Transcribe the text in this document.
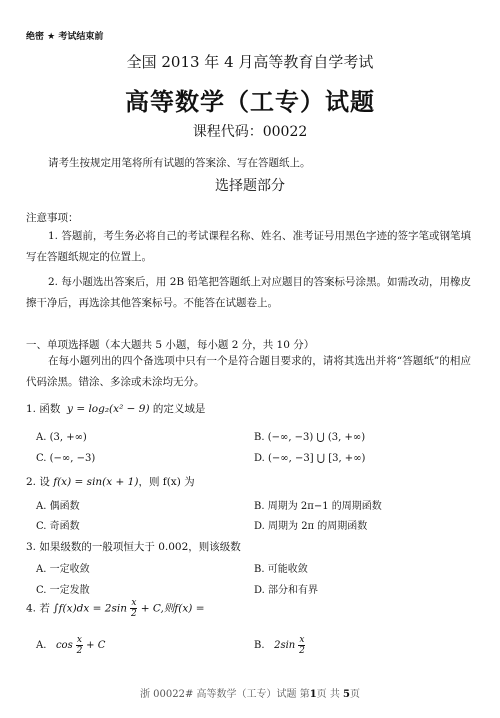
绝密 ★ 考试结束前
全国 2013 年 4 月高等教育自学考试
高等数学（工专）试题
课程代码：00022
请考生按规定用笔将所有试题的答案涂、写在答题纸上。
选择题部分
注意事项：
1. 答题前，考生务必将自己的考试课程名称、姓名、准考证号用黑色字迹的签字笔或钢笔填写在答题纸规定的位置上。
2. 每小题选出答案后，用 2B 铅笔把答题纸上对应题目的答案标号涂黑。如需改动，用橡皮擦干净后，再选涂其他答案标号。不能答在试题卷上。
一、单项选择题（本大题共 5 小题，每小题 2 分，共 10 分）
在每小题列出的四个备选项中只有一个是符合题目要求的，请将其选出并将“答题纸”的相应代码涂黑。错涂、多涂或未涂均无分。
1. 函数 y = log₂(x² − 9) 的定义域是
A. (3, +∞)	B. (−∞, −3) ⋃ (3, +∞)
C. (−∞, −3)	D. (−∞, −3] ⋃ [3, +∞)
2. 设 f(x) = sin(x + 1)，则 f(x) 为
A. 偶函数	B. 周期为 2π−1 的周期函数
C. 奇函数	D. 周期为 2π 的周期函数
3. 如果级数的一般项恒大于 0.002，则该级数
A. 一定收敛	B. 可能收敛
C. 一定发散	D. 部分和有界
4. 若 $\int f(x)dx = 2\sin \frac{x}{2} + C$,则f(x) =
A. $\cos \frac{x}{2} + C$	B. $2\sin \frac{x}{2}$
浙 00022# 高等数学（工专）试题 第1页 共 5页
